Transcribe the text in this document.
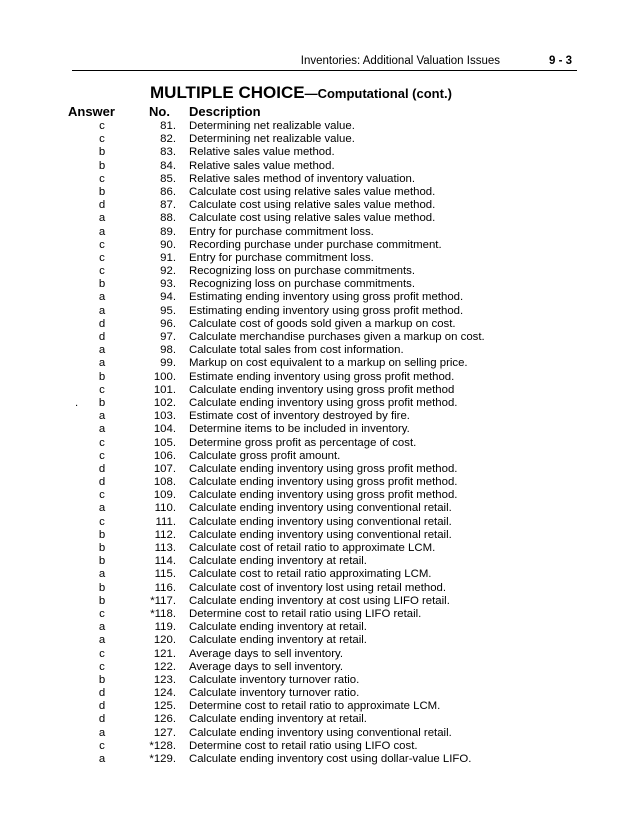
Inventories: Additional Valuation Issues	9 - 3
MULTIPLE CHOICE—Computational (cont.)
Answer	No. Description
c	81. Determining net realizable value.
c	82. Determining net realizable value.
b	83. Relative sales value method.
b	84. Relative sales value method.
c	85. Relative sales method of inventory valuation.
b	86. Calculate cost using relative sales value method.
d	87. Calculate cost using relative sales value method.
a	88. Calculate cost using relative sales value method.
a	89. Entry for purchase commitment loss.
c	90. Recording purchase under purchase commitment.
c	91. Entry for purchase commitment loss.
c	92. Recognizing loss on purchase commitments.
b	93. Recognizing loss on purchase commitments.
a	94. Estimating ending inventory using gross profit method.
a	95. Estimating ending inventory using gross profit method.
d	96. Calculate cost of goods sold given a markup on cost.
d	97. Calculate merchandise purchases given a markup on cost.
a	98. Calculate total sales from cost information.
a	99. Markup on cost equivalent to a markup on selling price.
b	100. Estimate ending inventory using gross profit method.
c	101. Calculate ending inventory using gross profit method
. b	102. Calculate ending inventory using gross profit method.
a	103. Estimate cost of inventory destroyed by fire.
a	104. Determine items to be included in inventory.
c	105. Determine gross profit as percentage of cost.
c	106. Calculate gross profit amount.
d	107. Calculate ending inventory using gross profit method.
d	108. Calculate ending inventory using gross profit method.
c	109. Calculate ending inventory using gross profit method.
a	110. Calculate ending inventory using conventional retail.
c	111. Calculate ending inventory using conventional retail.
b	112. Calculate ending inventory using conventional retail.
b	113. Calculate cost of retail ratio to approximate LCM.
b	114. Calculate ending inventory at retail.
a	115. Calculate cost to retail ratio approximating LCM.
b	116. Calculate cost of inventory lost using retail method.
b	*117. Calculate ending inventory at cost using LIFO retail.
c	*118. Determine cost to retail ratio using LIFO retail.
a	119. Calculate ending inventory at retail.
a	120. Calculate ending inventory at retail.
c	121. Average days to sell inventory.
c	122. Average days to sell inventory.
b	123. Calculate inventory turnover ratio.
d	124. Calculate inventory turnover ratio.
d	125. Determine cost to retail ratio to approximate LCM.
d	126. Calculate ending inventory at retail.
a	127. Calculate ending inventory using conventional retail.
c	*128. Determine cost to retail ratio using LIFO cost.
a	*129. Calculate ending inventory cost using dollar-value LIFO.
